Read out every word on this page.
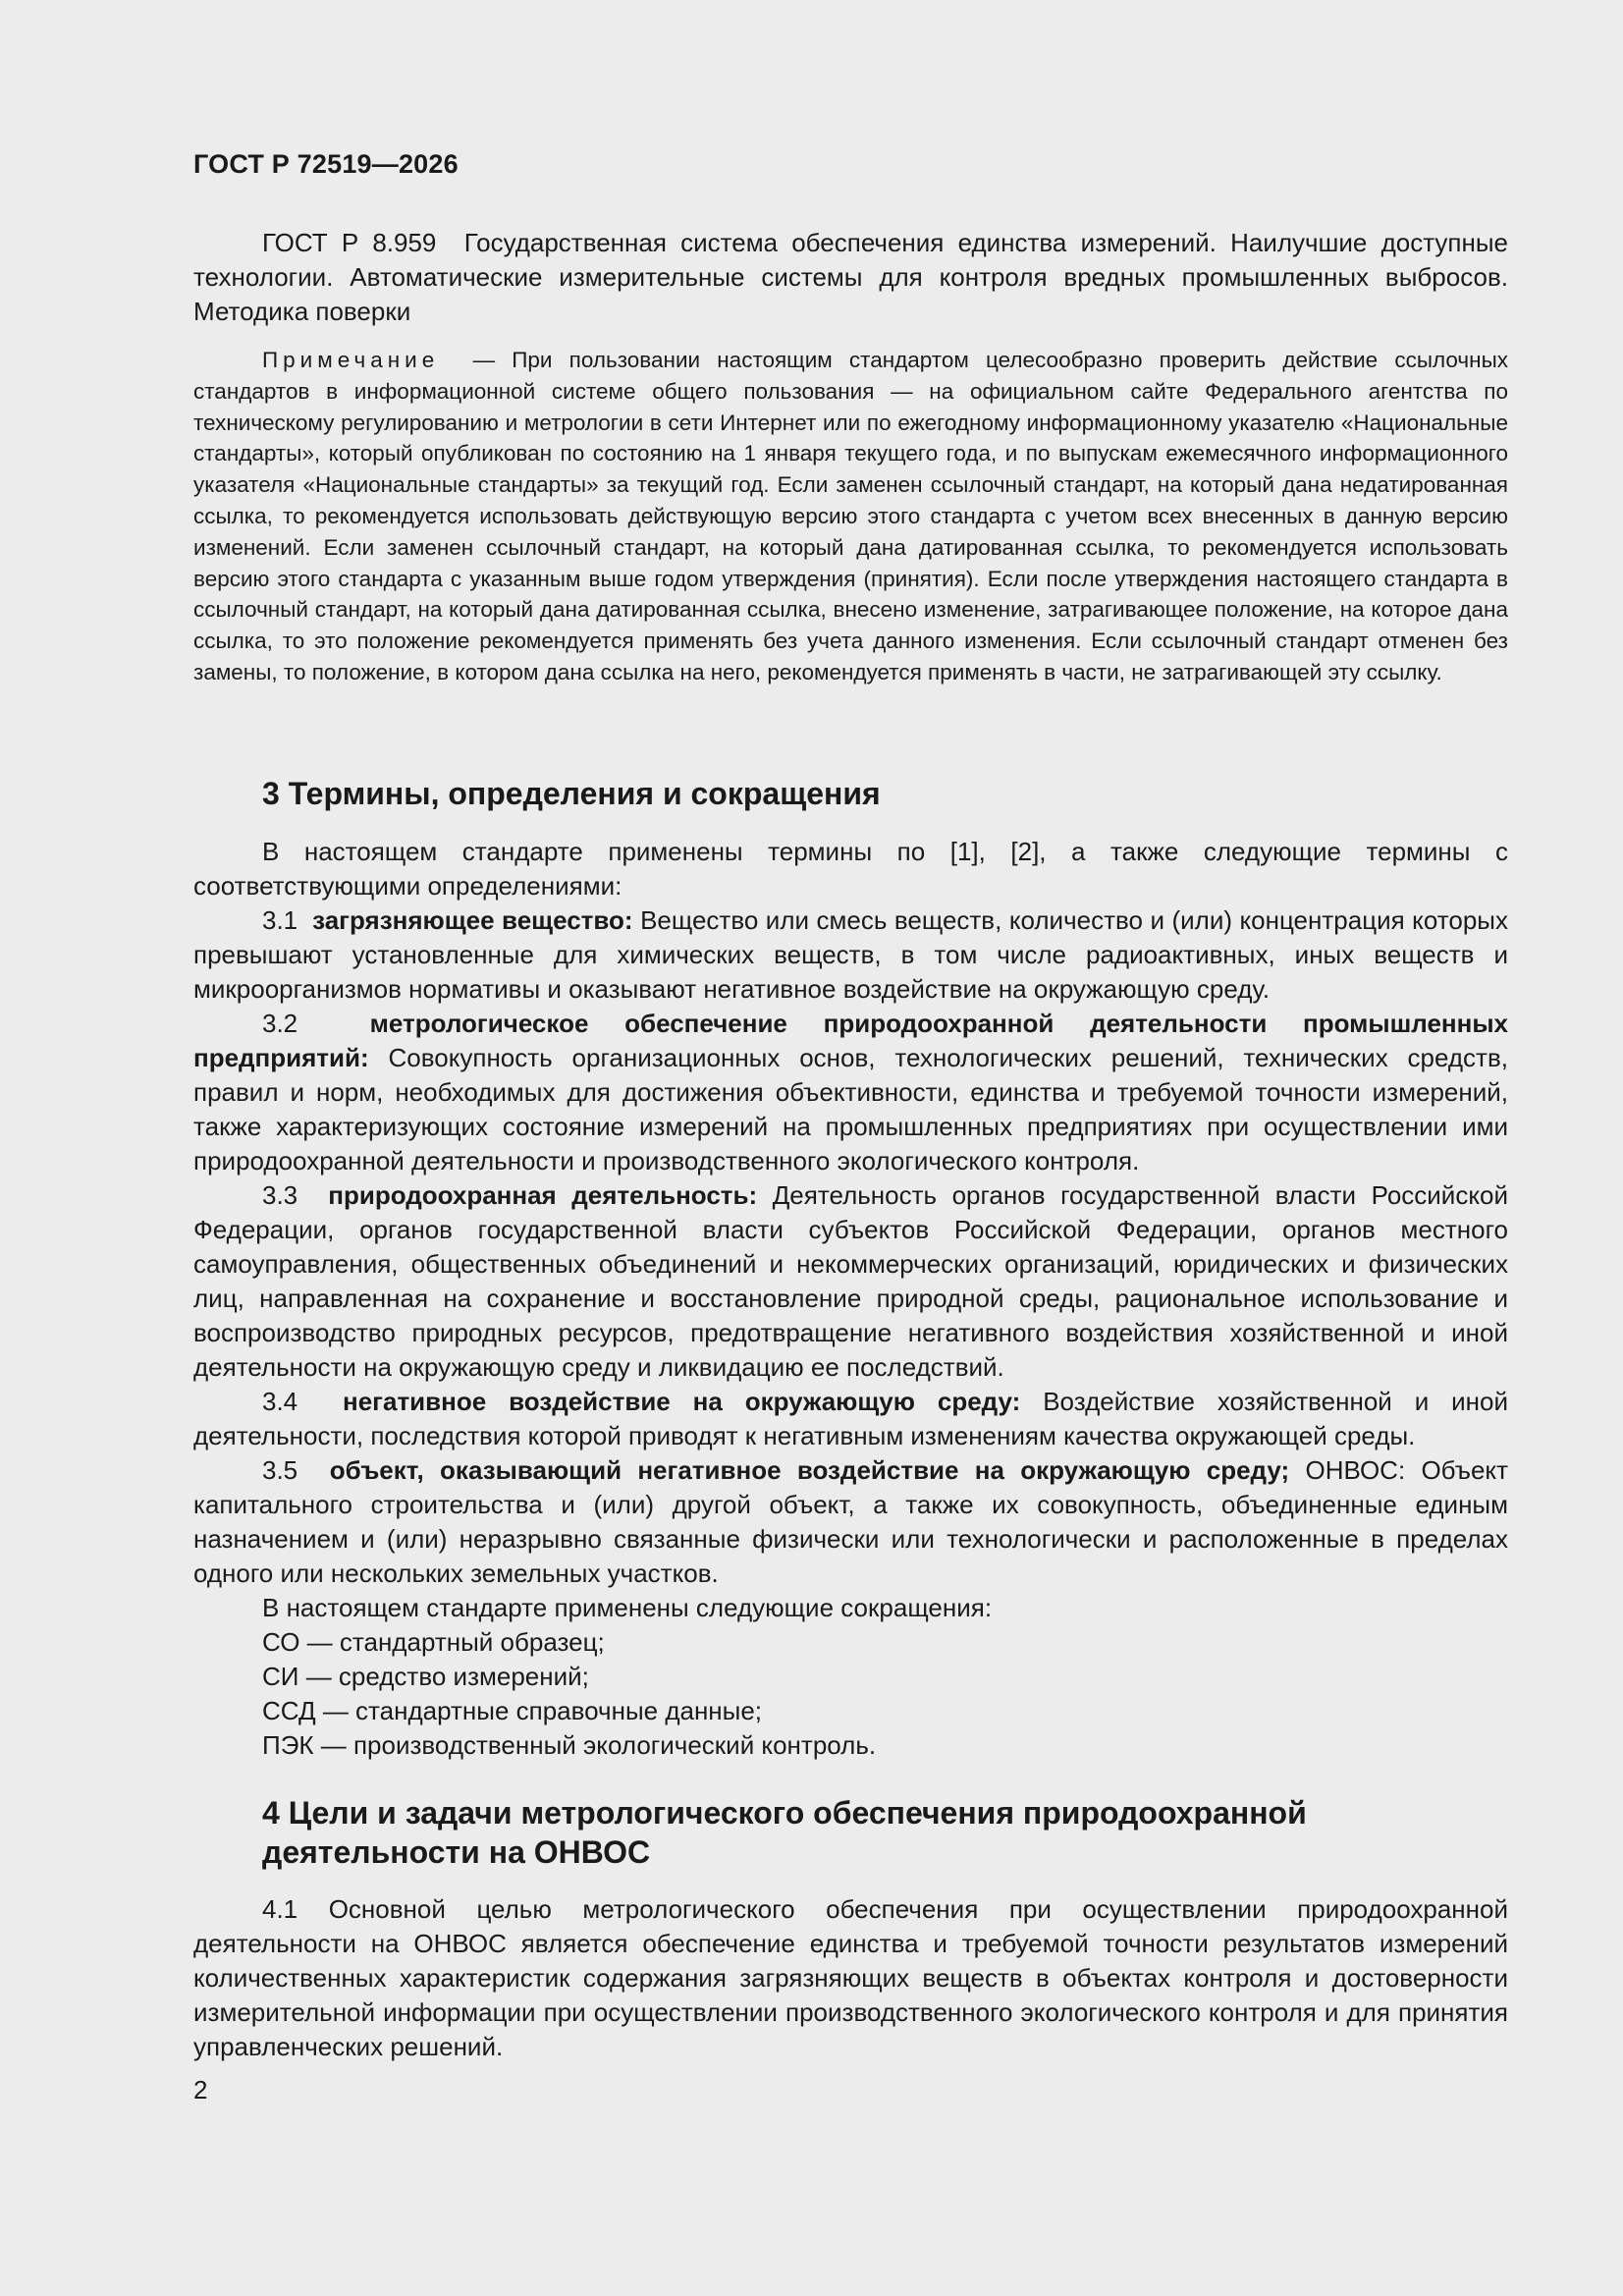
ГОСТ Р 72519—2026

ГОСТ Р 8.959 Государственная система обеспечения единства измерений. Наилучшие доступные технологии. Автоматические измерительные системы для контроля вредных промышленных выбросов. Методика поверки

Примечание — При пользовании настоящим стандартом целесообразно проверить действие ссылочных стандартов в информационной системе общего пользования — на официальном сайте Федерального агентства по техническому регулированию и метрологии в сети Интернет или по ежегодному информационному указателю «Национальные стандарты», который опубликован по состоянию на 1 января текущего года, и по выпускам ежемесячного информационного указателя «Национальные стандарты» за текущий год. Если заменен ссылочный стандарт, на который дана недатированная ссылка, то рекомендуется использовать действующую версию этого стандарта с учетом всех внесенных в данную версию изменений. Если заменен ссылочный стандарт, на который дана датированная ссылка, то рекомендуется использовать версию этого стандарта с указанным выше годом утверждения (принятия). Если после утверждения настоящего стандарта в ссылочный стандарт, на который дана датированная ссылка, внесено изменение, затрагивающее положение, на которое дана ссылка, то это положение рекомендуется применять без учета данного изменения. Если ссылочный стандарт отменен без замены, то положение, в котором дана ссылка на него, рекомендуется применять в части, не затрагивающей эту ссылку.

3 Термины, определения и сокращения

В настоящем стандарте применены термины по [1], [2], а также следующие термины с соответствующими определениями:

3.1 загрязняющее вещество: Вещество или смесь веществ, количество и (или) концентрация которых превышают установленные для химических веществ, в том числе радиоактивных, иных веществ и микроорганизмов нормативы и оказывают негативное воздействие на окружающую среду.

3.2	метрологическое обеспечение природоохранной деятельности промышленных предприятий: Совокупность организационных основ, технологических решений, технических средств, правил и норм, необходимых для достижения объективности, единства и требуемой точности измерений, также характеризующих состояние измерений на промышленных предприятиях при осуществлении ими природоохранной деятельности и производственного экологического контроля.

3.3 природоохранная деятельность: Деятельность органов государственной власти Российской Федерации, органов государственной власти субъектов Российской Федерации, органов местного самоуправления, общественных объединений и некоммерческих организаций, юридических и физических лиц, направленная на сохранение и восстановление природной среды, рациональное использование и воспроизводство природных ресурсов, предотвращение негативного воздействия хозяйственной и иной деятельности на окружающую среду и ликвидацию ее последствий.

3.4 негативное воздействие на окружающую среду: Воздействие хозяйственной и иной деятельности, последствия которой приводят к негативным изменениям качества окружающей среды.

3.5 объект, оказывающий негативное воздействие на окружающую среду; ОНВОС: Объект капитального строительства и (или) другой объект, а также их совокупность, объединенные единым назначением и (или) неразрывно связанные физически или технологически и расположенные в пределах одного или нескольких земельных участков.

В настоящем стандарте применены следующие сокращения:

СО — стандартный образец;

СИ — средство измерений;

ССД — стандартные справочные данные;

ПЭК — производственный экологический контроль.

4 Цели и задачи метрологического обеспечения природоохранной
деятельности на ОНВОС

4.1 Основной целью метрологического обеспечения при осуществлении природоохранной деятельности на ОНВОС является обеспечение единства и требуемой точности результатов измерений количественных характеристик содержания загрязняющих веществ в объектах контроля и достоверности измерительной информации при осуществлении производственного экологического контроля и для принятия управленческих решений.

2
